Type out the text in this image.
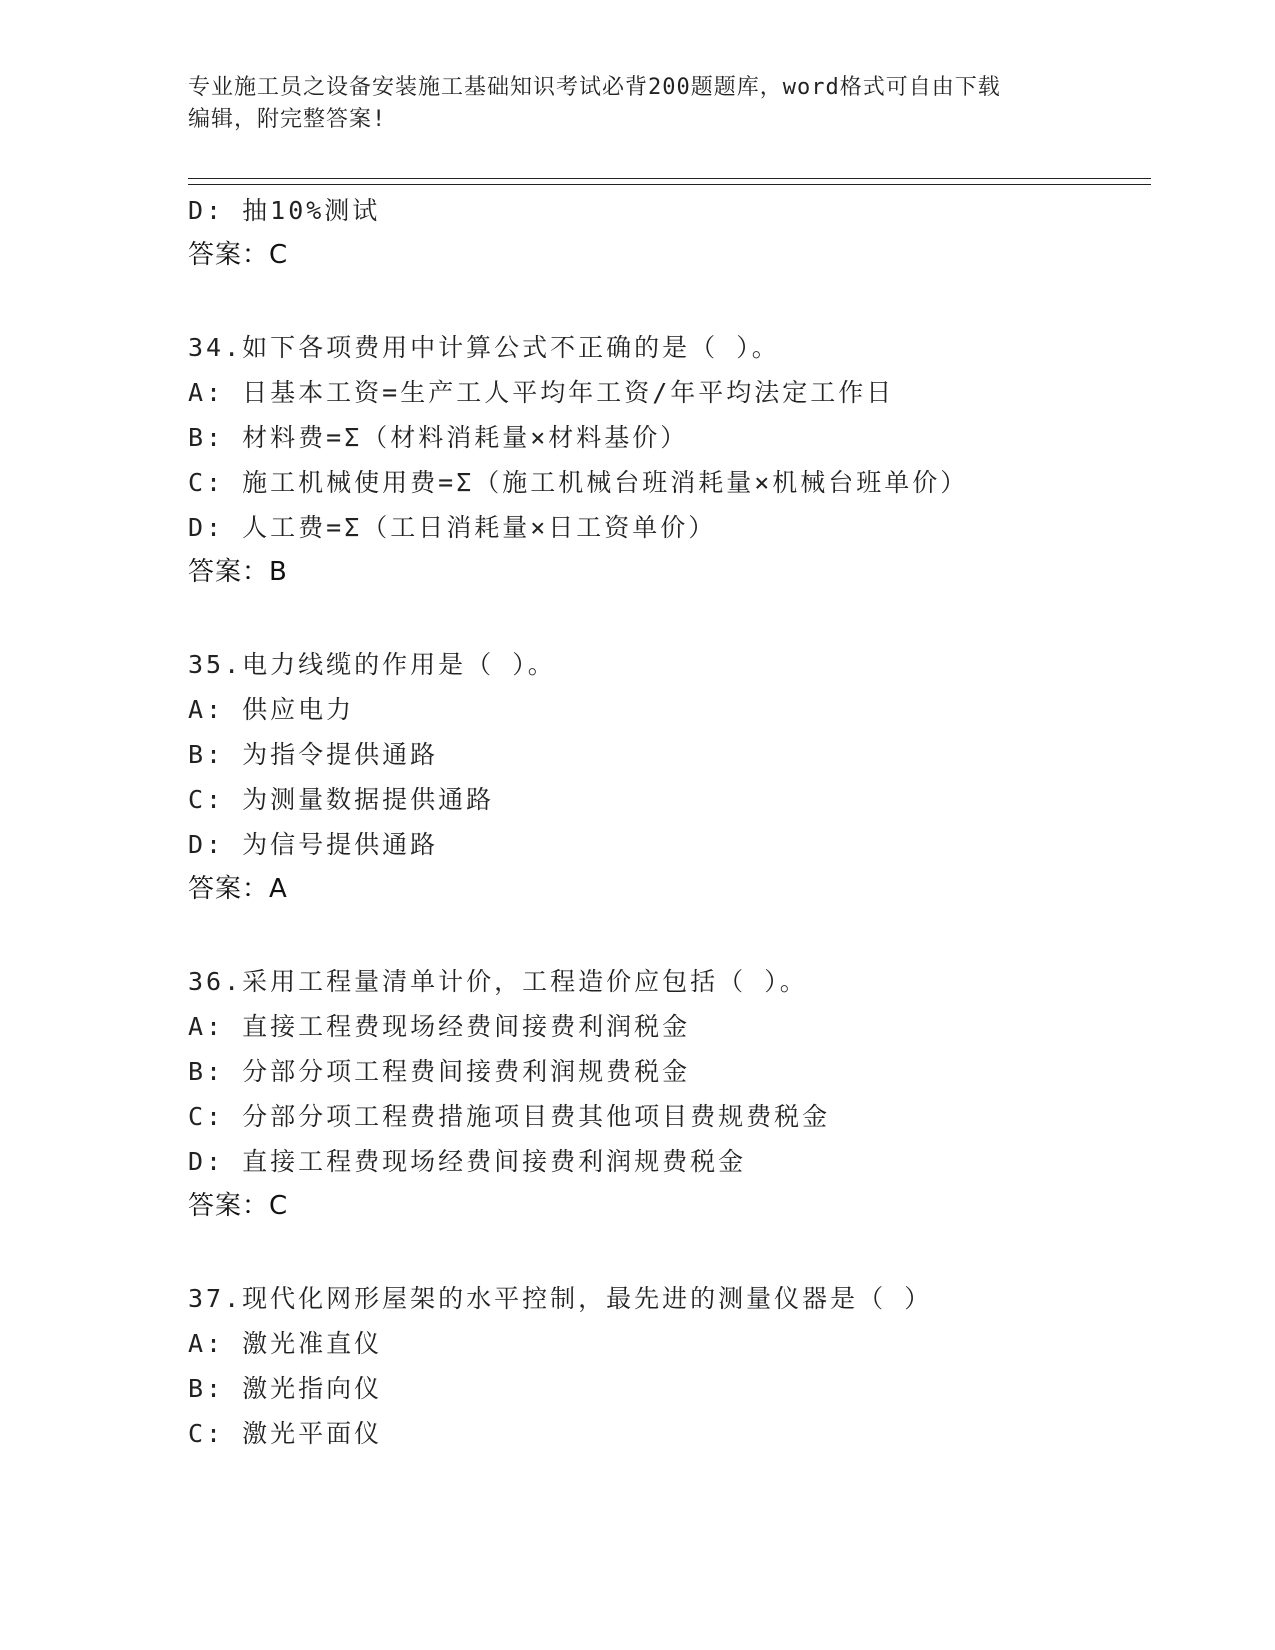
专业施工员之设备安装施工基础知识考试必背200题题库，word格式可自由下载
编辑，附完整答案!
D: 抽10%测试
答案：C
34.如下各项费用中计算公式不正确的是（ ）。
A: 日基本工资=生产工人平均年工资/年平均法定工作日
B: 材料费=Σ（材料消耗量×材料基价）
C: 施工机械使用费=Σ（施工机械台班消耗量×机械台班单价）
D: 人工费=Σ（工日消耗量×日工资单价）
答案：B
35.电力线缆的作用是（ ）。
A: 供应电力
B: 为指令提供通路
C: 为测量数据提供通路
D: 为信号提供通路
答案：A
36.采用工程量清单计价，工程造价应包括（ ）。
A: 直接工程费现场经费间接费利润税金
B: 分部分项工程费间接费利润规费税金
C: 分部分项工程费措施项目费其他项目费规费税金
D: 直接工程费现场经费间接费利润规费税金
答案：C
37.现代化网形屋架的水平控制，最先进的测量仪器是（ ）
A: 激光准直仪
B: 激光指向仪
C: 激光平面仪
